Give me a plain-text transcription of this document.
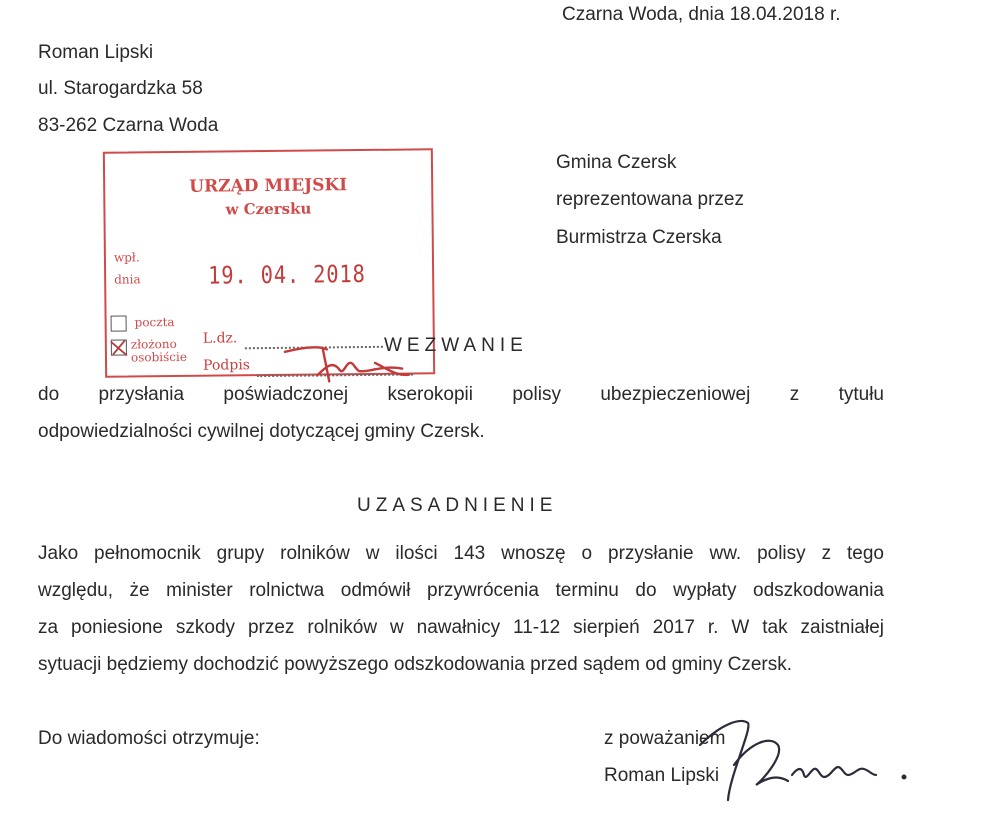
Czarna Woda, dnia 18.04.2018 r.
Roman Lipski
ul. Starogardzka 58
83-262 Czarna Woda
Gmina Czersk
reprezentowana przez
Burmistrza Czerska
URZĄD MIEJSKI
w Czersku
wpł.
dnia	19. 04. 2018
poczta
złożono
osobiście
L.dz.
Podpis
WEZWANIE
do przysłania poświadczonej kserokopii polisy ubezpieczeniowej z tytułu
odpowiedzialności cywilnej dotyczącej gminy Czersk.
UZASADNIENIE
Jako pełnomocnik grupy rolników w ilości 143 wnoszę o przysłanie ww. polisy z tego
względu, że minister rolnictwa odmówił przywrócenia terminu do wypłaty odszkodowania
za poniesione szkody przez rolników w nawałnicy 11-12 sierpień 2017 r. W tak zaistniałej
sytuacji będziemy dochodzić powyższego odszkodowania przed sądem od gminy Czersk.
Do wiadomości otrzymuje:	z poważaniem
Roman Lipski
